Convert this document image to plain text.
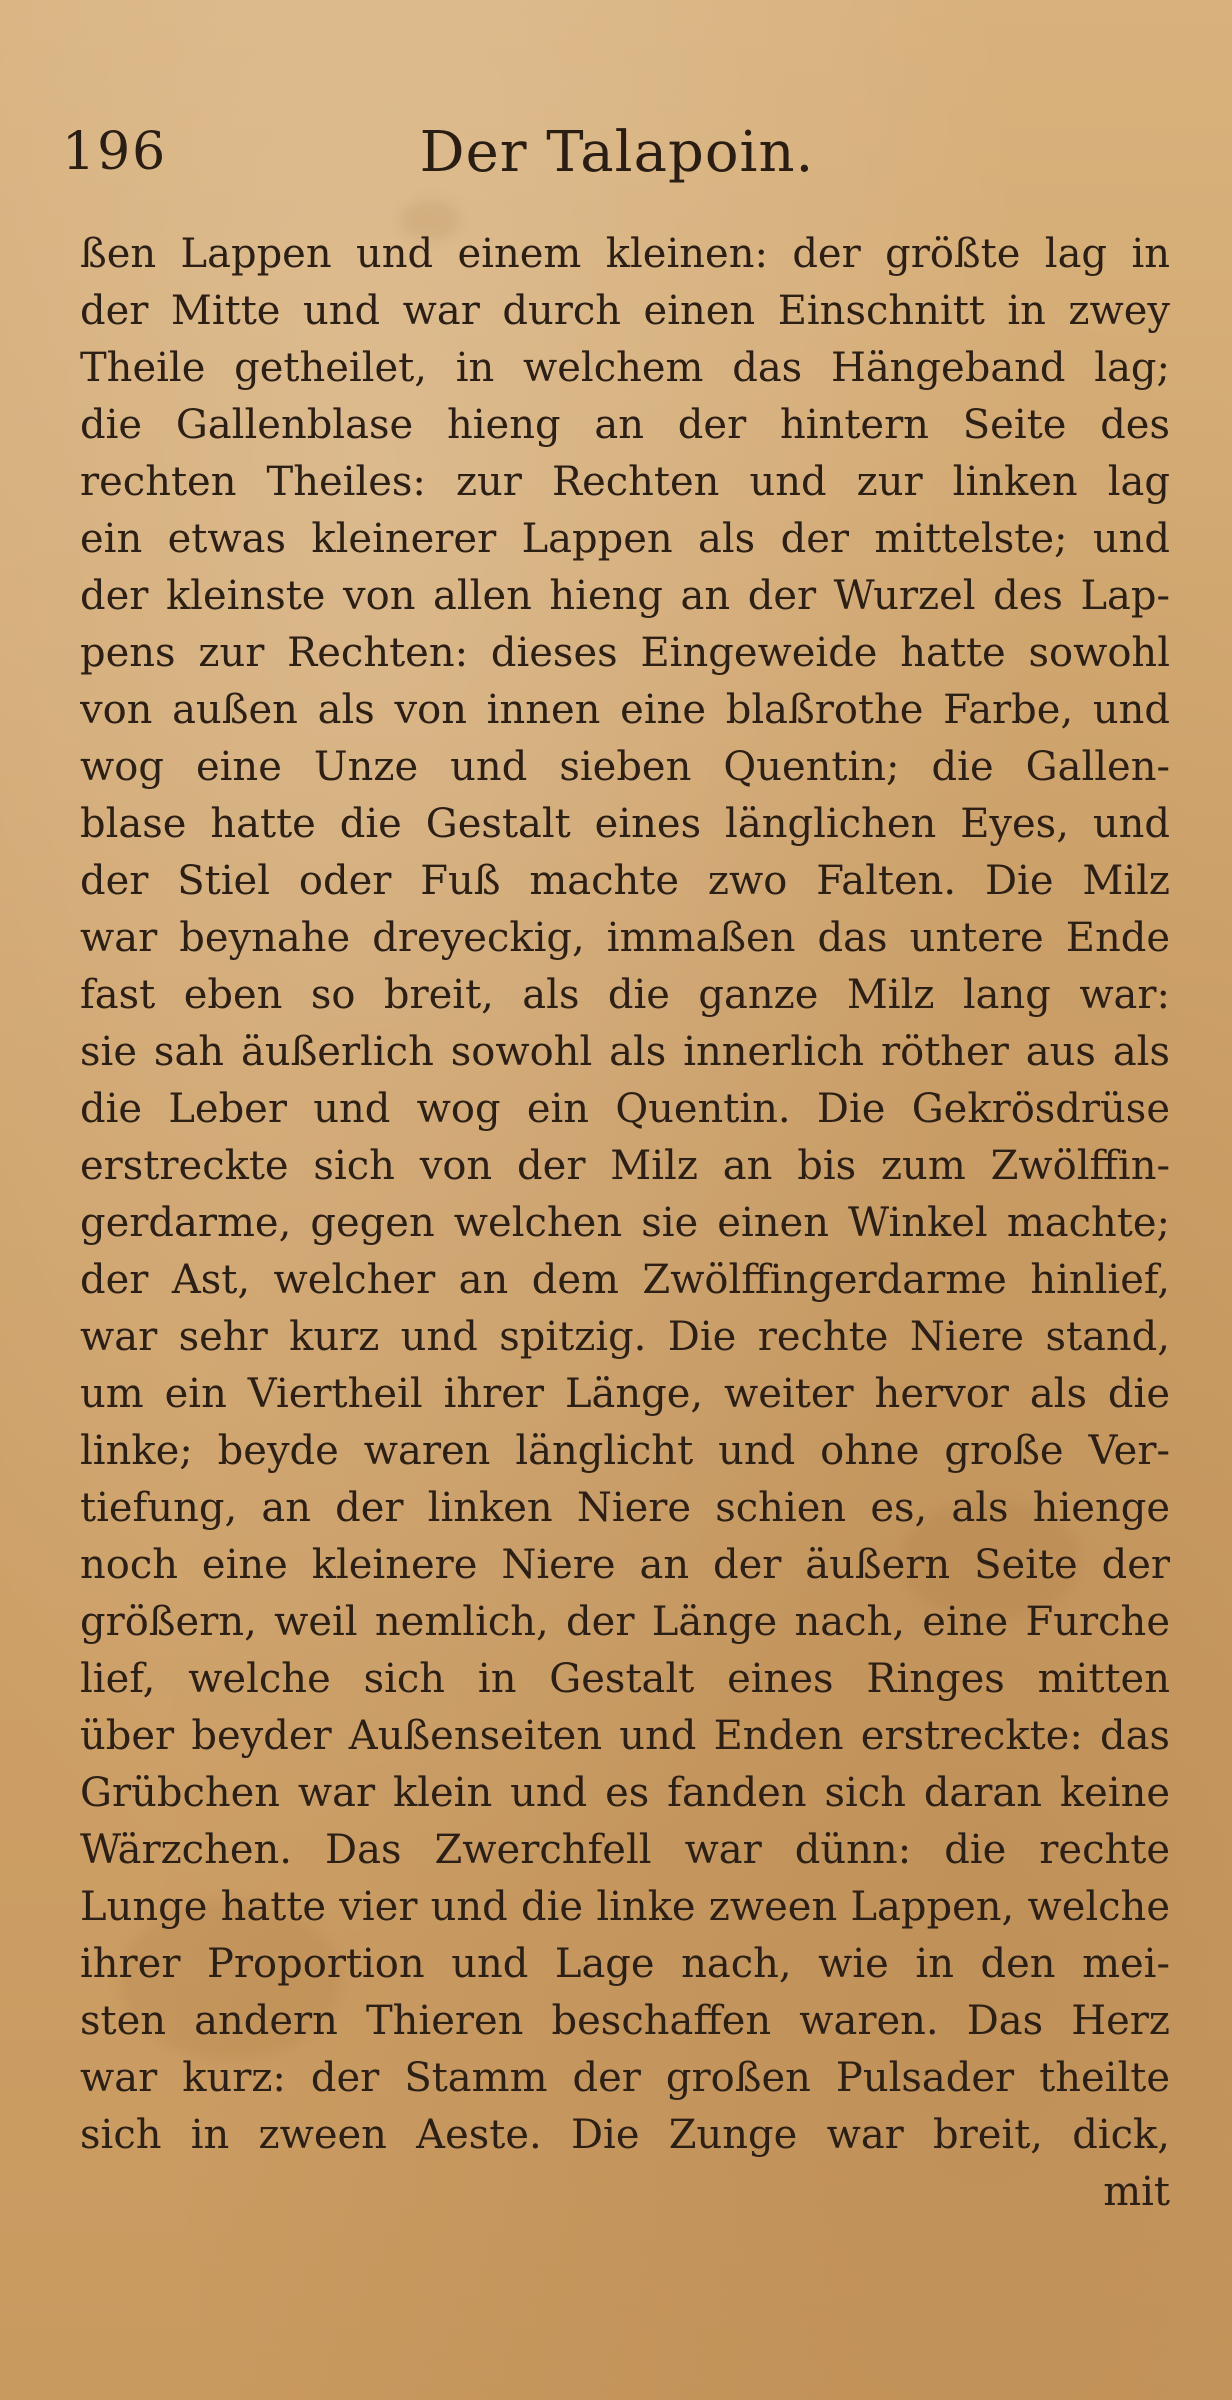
196	Der Talapoin.
ßen Lappen und einem kleinen: der größte lag in
der Mitte und war durch einen Einschnitt in zwey
Theile getheilet, in welchem das Hängeband lag;
die Gallenblase hieng an der hintern Seite des
rechten Theiles: zur Rechten und zur linken lag
ein etwas kleinerer Lappen als der mittelste; und
der kleinste von allen hieng an der Wurzel des Lap-
pens zur Rechten: dieses Eingeweide hatte sowohl
von außen als von innen eine blaßrothe Farbe, und
wog eine Unze und sieben Quentin; die Gallen-
blase hatte die Gestalt eines länglichen Eyes, und
der Stiel oder Fuß machte zwo Falten. Die Milz
war beynahe dreyeckig, immaßen das untere Ende
fast eben so breit, als die ganze Milz lang war:
sie sah äußerlich sowohl als innerlich röther aus als
die Leber und wog ein Quentin. Die Gekrösdrüse
erstreckte sich von der Milz an bis zum Zwölffin-
gerdarme, gegen welchen sie einen Winkel machte;
der Ast, welcher an dem Zwölffingerdarme hinlief,
war sehr kurz und spitzig. Die rechte Niere stand,
um ein Viertheil ihrer Länge, weiter hervor als die
linke; beyde waren länglicht und ohne große Ver-
tiefung, an der linken Niere schien es, als hienge
noch eine kleinere Niere an der äußern Seite der
größern, weil nemlich, der Länge nach, eine Furche
lief, welche sich in Gestalt eines Ringes mitten
über beyder Außenseiten und Enden erstreckte: das
Grübchen war klein und es fanden sich daran keine
Wärzchen. Das Zwerchfell war dünn: die rechte
Lunge hatte vier und die linke zween Lappen, welche
ihrer Proportion und Lage nach, wie in den mei-
sten andern Thieren beschaffen waren. Das Herz
war kurz: der Stamm der großen Pulsader theilte
sich in zween Aeste. Die Zunge war breit, dick,
mit
